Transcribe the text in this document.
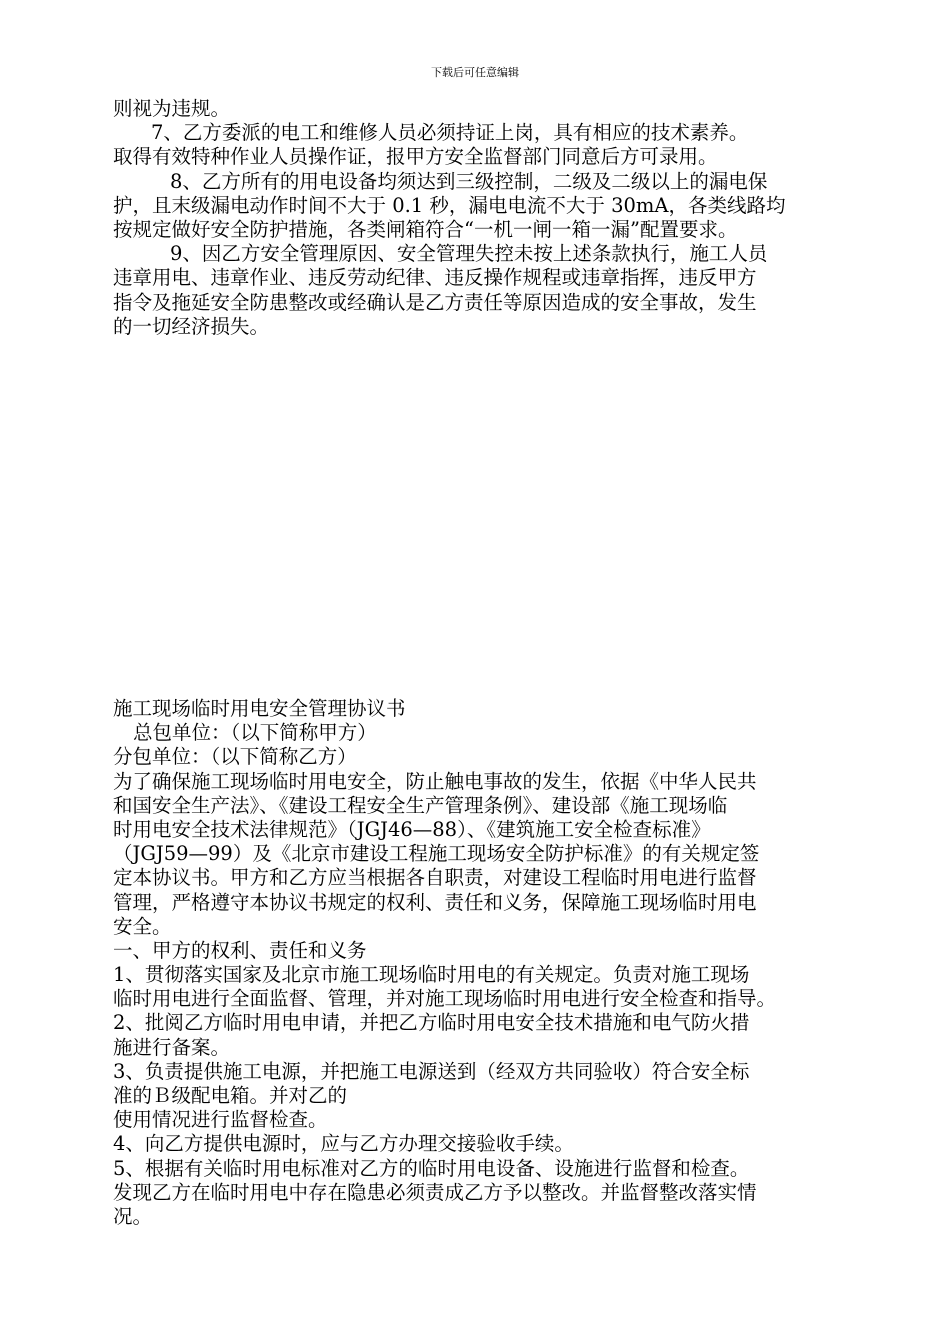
下载后可任意编辑
则视为违规。
7、乙方委派的电工和维修人员必须持证上岗，具有相应的技术素养。
取得有效特种作业人员操作证，报甲方安全监督部门同意后方可录用。
8、乙方所有的用电设备均须达到三级控制，二级及二级以上的漏电保
护，且末级漏电动作时间不大于 0.1 秒，漏电电流不大于 30mA，各类线路均
按规定做好安全防护措施，各类闸箱符合“一机一闸一箱一漏”配置要求。
9、因乙方安全管理原因、安全管理失控未按上述条款执行，施工人员
违章用电、违章作业、违反劳动纪律、违反操作规程或违章指挥，违反甲方
指令及拖延安全防患整改或经确认是乙方责任等原因造成的安全事故，发生
的一切经济损失。
施工现场临时用电安全管理协议书
总包单位：（以下简称甲方）
分包单位：（以下简称乙方）
为了确保施工现场临时用电安全，防止触电事故的发生，依据《中华人民共
和国安全生产法》、《建设工程安全生产管理条例》、建设部《施工现场临
时用电安全技术法律规范》（JGJ46—88）、《建筑施工安全检查标准》
（JGJ59—99）及《北京市建设工程施工现场安全防护标准》的有关规定签
定本协议书。甲方和乙方应当根据各自职责，对建设工程临时用电进行监督
管理，严格遵守本协议书规定的权利、责任和义务，保障施工现场临时用电
安全。
一、甲方的权利、责任和义务
1、贯彻落实国家及北京市施工现场临时用电的有关规定。负责对施工现场
临时用电进行全面监督、管理，并对施工现场临时用电进行安全检查和指导。
2、批阅乙方临时用电申请，并把乙方临时用电安全技术措施和电气防火措
施进行备案。
3、负责提供施工电源，并把施工电源送到（经双方共同验收）符合安全标
准的Ｂ级配电箱。并对乙的
使用情况进行监督检查。
4、向乙方提供电源时，应与乙方办理交接验收手续。
5、根据有关临时用电标准对乙方的临时用电设备、设施进行监督和检查。
发现乙方在临时用电中存在隐患必须责成乙方予以整改。并监督整改落实情
况。
